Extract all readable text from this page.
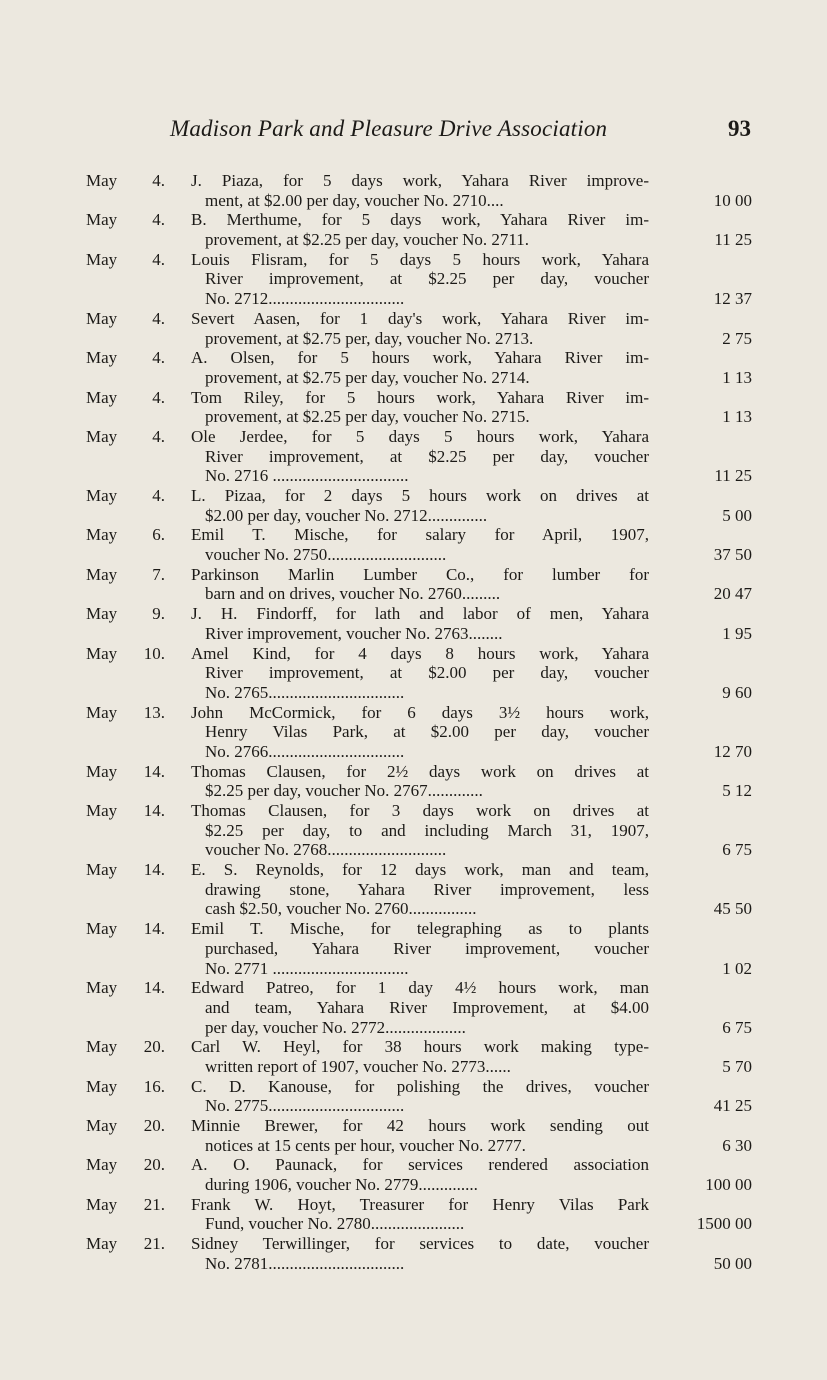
Madison Park and Pleasure Drive Association	93
May	4. J. Piaza, for 5 days work, Yahara River improve-
ment, at $2.00 per day, voucher No. 2710....	10 00
May	4. B. Merthume, for 5 days work, Yahara River im-
provement, at $2.25 per day, voucher No. 2711.	11 25
May	4. Louis Flisram, for 5 days 5 hours work, Yahara
River improvement, at $2.25 per day, voucher
No. 2712................................	12 37
May	4. Severt Aasen, for 1 day's work, Yahara River im-
provement, at $2.75 per, day, voucher No. 2713.	2 75
May	4. A. Olsen, for 5 hours work, Yahara River im-
provement, at $2.75 per day, voucher No. 2714.	1 13
May	4. Tom Riley, for 5 hours work, Yahara River im-
provement, at $2.25 per day, voucher No. 2715.	1 13
May	4. Ole Jerdee, for 5 days 5 hours work, Yahara
River improvement, at $2.25 per day, voucher
No. 2716 ................................	11 25
May	4. L. Pizaa, for 2 days 5 hours work on drives at
$2.00 per day, voucher No. 2712..............	5 00
May	6. Emil T. Mische, for salary for April, 1907,
voucher No. 2750............................	37 50
May	7. Parkinson Marlin Lumber Co., for lumber for
barn and on drives, voucher No. 2760.........	20 47
May	9. J. H. Findorff, for lath and labor of men, Yahara
River improvement, voucher No. 2763........	1 95
May	10. Amel Kind, for 4 days 8 hours work, Yahara
River improvement, at $2.00 per day, voucher
No. 2765................................	9 60
May	13. John McCormick, for 6 days 3½ hours work,
Henry Vilas Park, at $2.00 per day, voucher
No. 2766................................	12 70
May	14. Thomas Clausen, for 2½ days work on drives at
$2.25 per day, voucher No. 2767.............	5 12
May	14. Thomas Clausen, for 3 days work on drives at
$2.25 per day, to and including March 31, 1907,
voucher No. 2768............................	6 75
May	14. E. S. Reynolds, for 12 days work, man and team,
drawing stone, Yahara River improvement, less
cash $2.50, voucher No. 2760................	45 50
May	14. Emil T. Mische, for telegraphing as to plants
purchased, Yahara River improvement, voucher
No. 2771 ................................	1 02
May	14. Edward Patreo, for 1 day 4½ hours work, man
and team, Yahara River Improvement, at $4.00
per day, voucher No. 2772...................	6 75
May	20. Carl W. Heyl, for 38 hours work making type-
written report of 1907, voucher No. 2773......	5 70
May	16. C. D. Kanouse, for polishing the drives, voucher
No. 2775................................	41 25
May	20. Minnie Brewer, for 42 hours work sending out
notices at 15 cents per hour, voucher No. 2777.	6 30
May	20. A. O. Paunack, for services rendered association
during 1906, voucher No. 2779..............	100 00
May	21. Frank W. Hoyt, Treasurer for Henry Vilas Park
Fund, voucher No. 2780......................	1500 00
May	21. Sidney Terwillinger, for services to date, voucher
No. 2781................................	50 00
